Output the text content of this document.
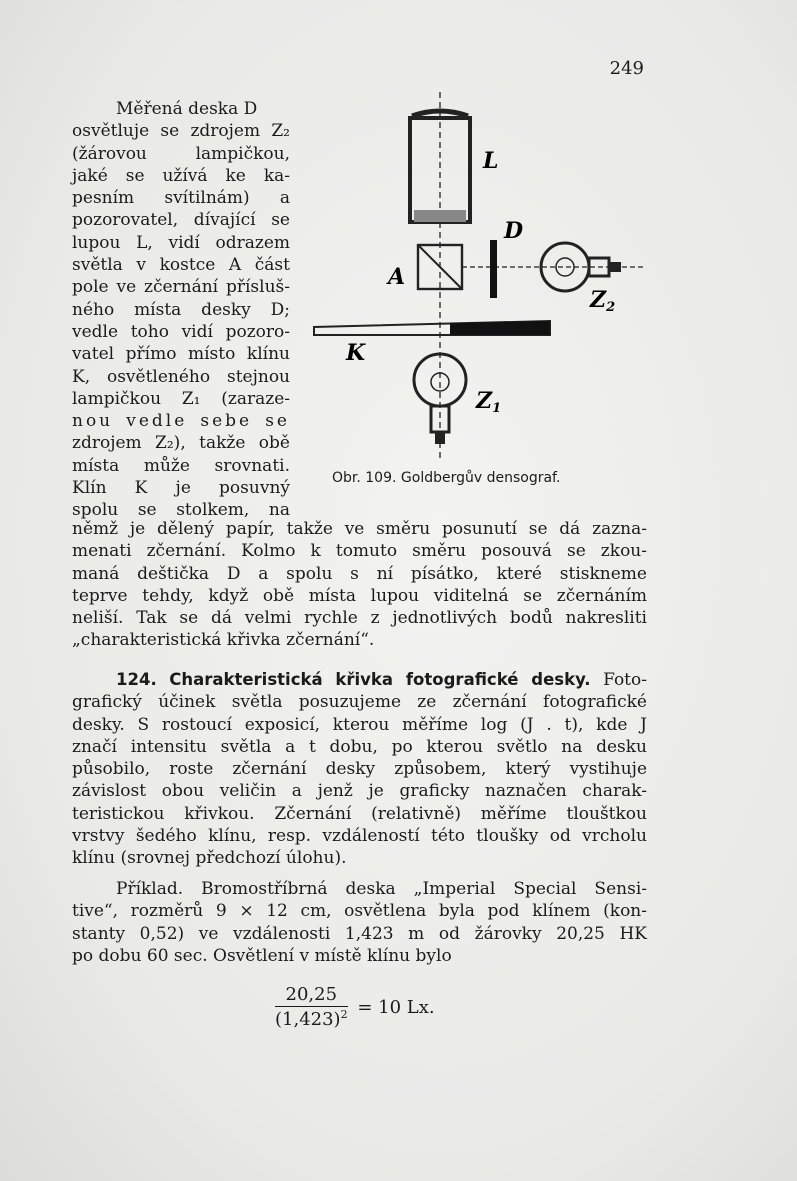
249
Měřená deska D
osvětluje se zdrojem Z₂
(žárovou lampičkou,
jaké se užívá ke ka-
pesním svítilnám) a
pozorovatel, dívající se
lupou L, vidí odrazem
světla v kostce A část
pole ve zčernání přísluš-
ného místa desky D;
vedle toho vidí pozoro-
vatel přímo místo klínu
K, osvětleného stejnou
lampičkou Z₁ (zaraze-
nou vedle sebe se
zdrojem Z₂), takže obě
místa může srovnati.
Klín K je posuvný
spolu se stolkem, na
L
A
D
Z2
K
Z1
Obr. 109. Goldbergův densograf.
němž je dělený papír, takže ve směru posunutí se dá zazna-
menati zčernání. Kolmo k tomuto směru posouvá se zkou-
maná deštička D a spolu s ní písátko, které stiskneme
teprve tehdy, když obě místa lupou viditelná se zčernáním
neliší. Tak se dá velmi rychle z jednotlivých bodů nakresliti
„charakteristická křivka zčernání“.
124. Charakteristická křivka fotografické desky. Foto-
grafický účinek světla posuzujeme ze zčernání fotografické
desky. S rostoucí exposicí, kterou měříme log (J . t), kde J
značí intensitu světla a t dobu, po kterou světlo na desku
působilo, roste zčernání desky způsobem, který vystihuje
závislost obou veličin a jenž je graficky naznačen charak-
teristickou křivkou. Zčernání (relativně) měříme tlouštkou
vrstvy šedého klínu, resp. vzdáleností této tloušky od vrcholu
klínu (srovnej předchozí úlohu).
Příklad. Bromostříbrná deska „Imperial Special Sensi-
tive“, rozměrů 9 × 12 cm, osvětlena byla pod klínem (kon-
stanty 0,52) ve vzdálenosti 1,423 m od žárovky 20,25 HK
po dobu 60 sec. Osvětlení v místě klínu bylo
$\frac{20,25}{(1,423)^2} = 10$ Lx.
